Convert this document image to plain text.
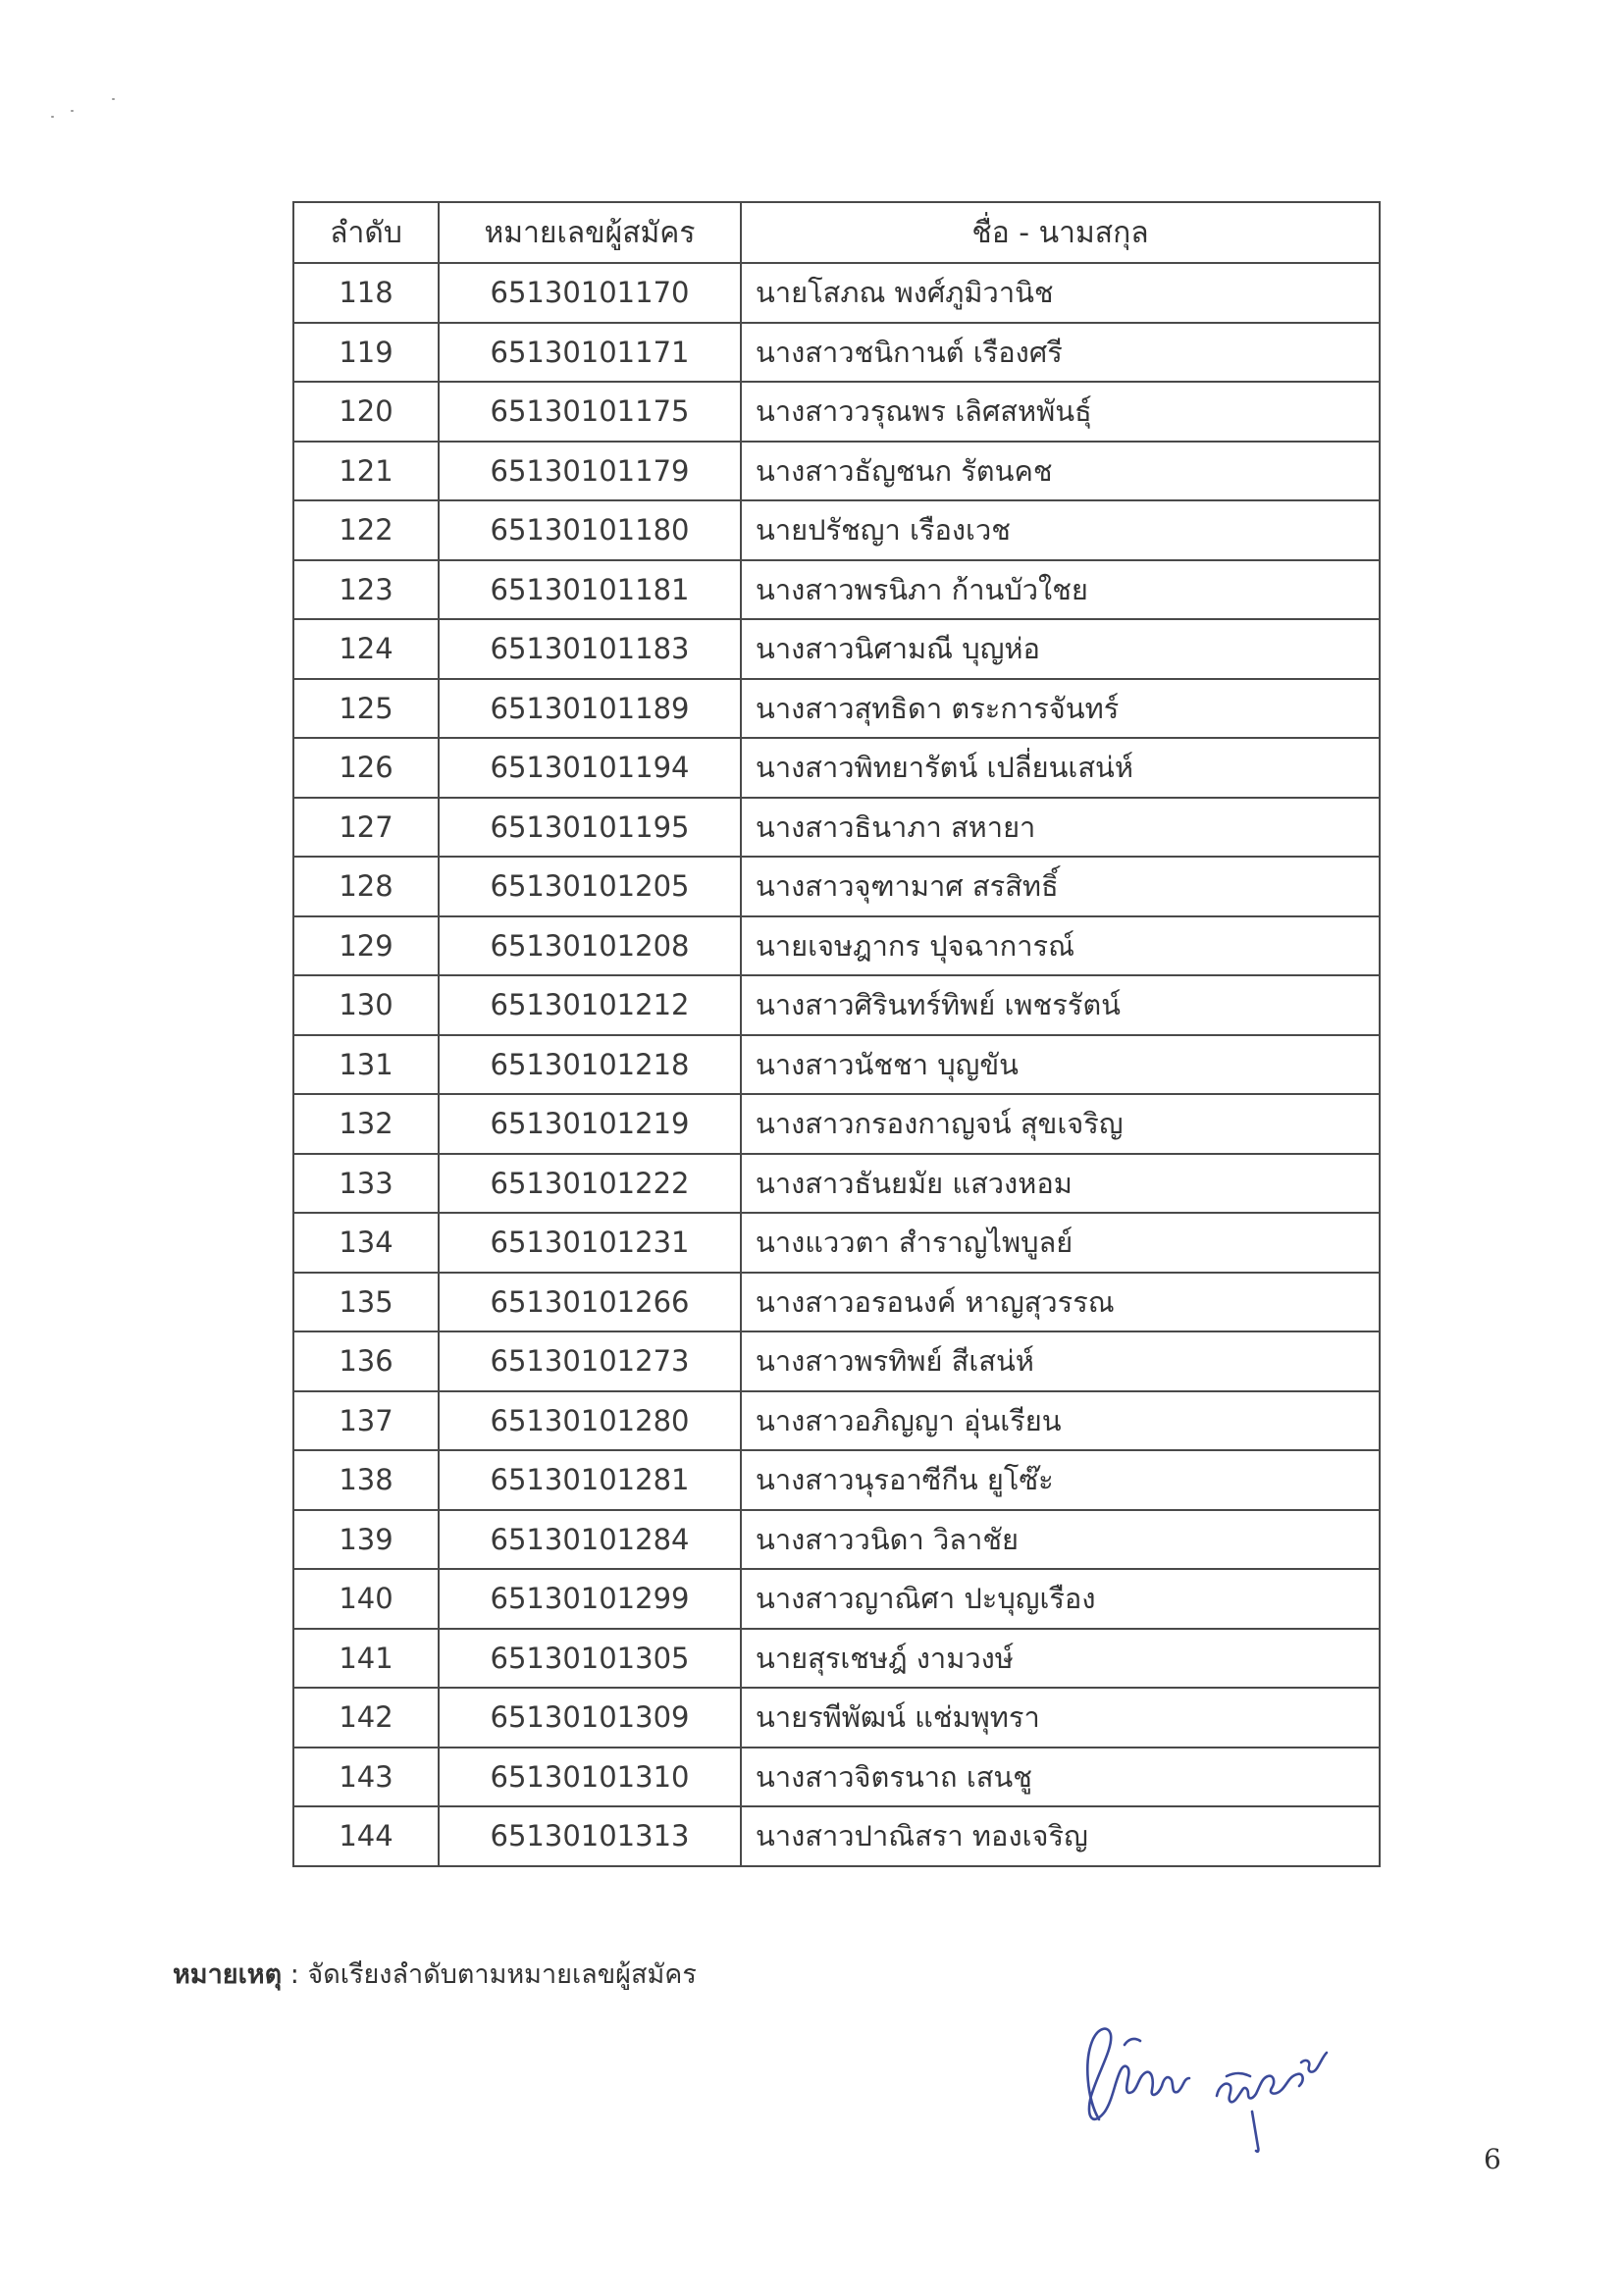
ลำดับ	หมายเลขผู้สมัคร	ชื่อ - นามสกุล
118	65130101170	นายโสภณ พงศ์ภูมิวานิช
119	65130101171	นางสาวชนิกานต์ เรืองศรี
120	65130101175	นางสาววรุณพร เลิศสหพันธุ์
121	65130101179	นางสาวธัญชนก รัตนคช
122	65130101180	นายปรัชญา เรืองเวช
123	65130101181	นางสาวพรนิภา ก้านบัวใชย
124	65130101183	นางสาวนิศามณี บุญห่อ
125	65130101189	นางสาวสุทธิดา ตระการจันทร์
126	65130101194	นางสาวพิทยารัตน์ เปลี่ยนเสน่ห์
127	65130101195	นางสาวธินาภา สหายา
128	65130101205	นางสาวจุฑามาศ สรสิทธิ์
129	65130101208	นายเจษฎากร ปุจฉาการณ์
130	65130101212	นางสาวศิรินทร์ทิพย์ เพชรรัตน์
131	65130101218	นางสาวนัชชา บุญขัน
132	65130101219	นางสาวกรองกาญจน์ สุขเจริญ
133	65130101222	นางสาวธันยมัย แสวงหอม
134	65130101231	นางแววตา สำราญไพบูลย์
135	65130101266	นางสาวอรอนงค์ หาญสุวรรณ
136	65130101273	นางสาวพรทิพย์ สีเสน่ห์
137	65130101280	นางสาวอภิญญา อุ่นเรียน
138	65130101281	นางสาวนุรอาซีกีน ยูโซ๊ะ
139	65130101284	นางสาววนิดา วิลาชัย
140	65130101299	นางสาวญาณิศา ปะบุญเรือง
141	65130101305	นายสุรเชษฎ์ งามวงษ์
142	65130101309	นายรพีพัฒน์ แช่มพุทรา
143	65130101310	นางสาวจิตรนาถ เสนชู
144	65130101313	นางสาวปาณิสรา ทองเจริญ
หมายเหตุ : จัดเรียงลำดับตามหมายเลขผู้สมัคร
6
